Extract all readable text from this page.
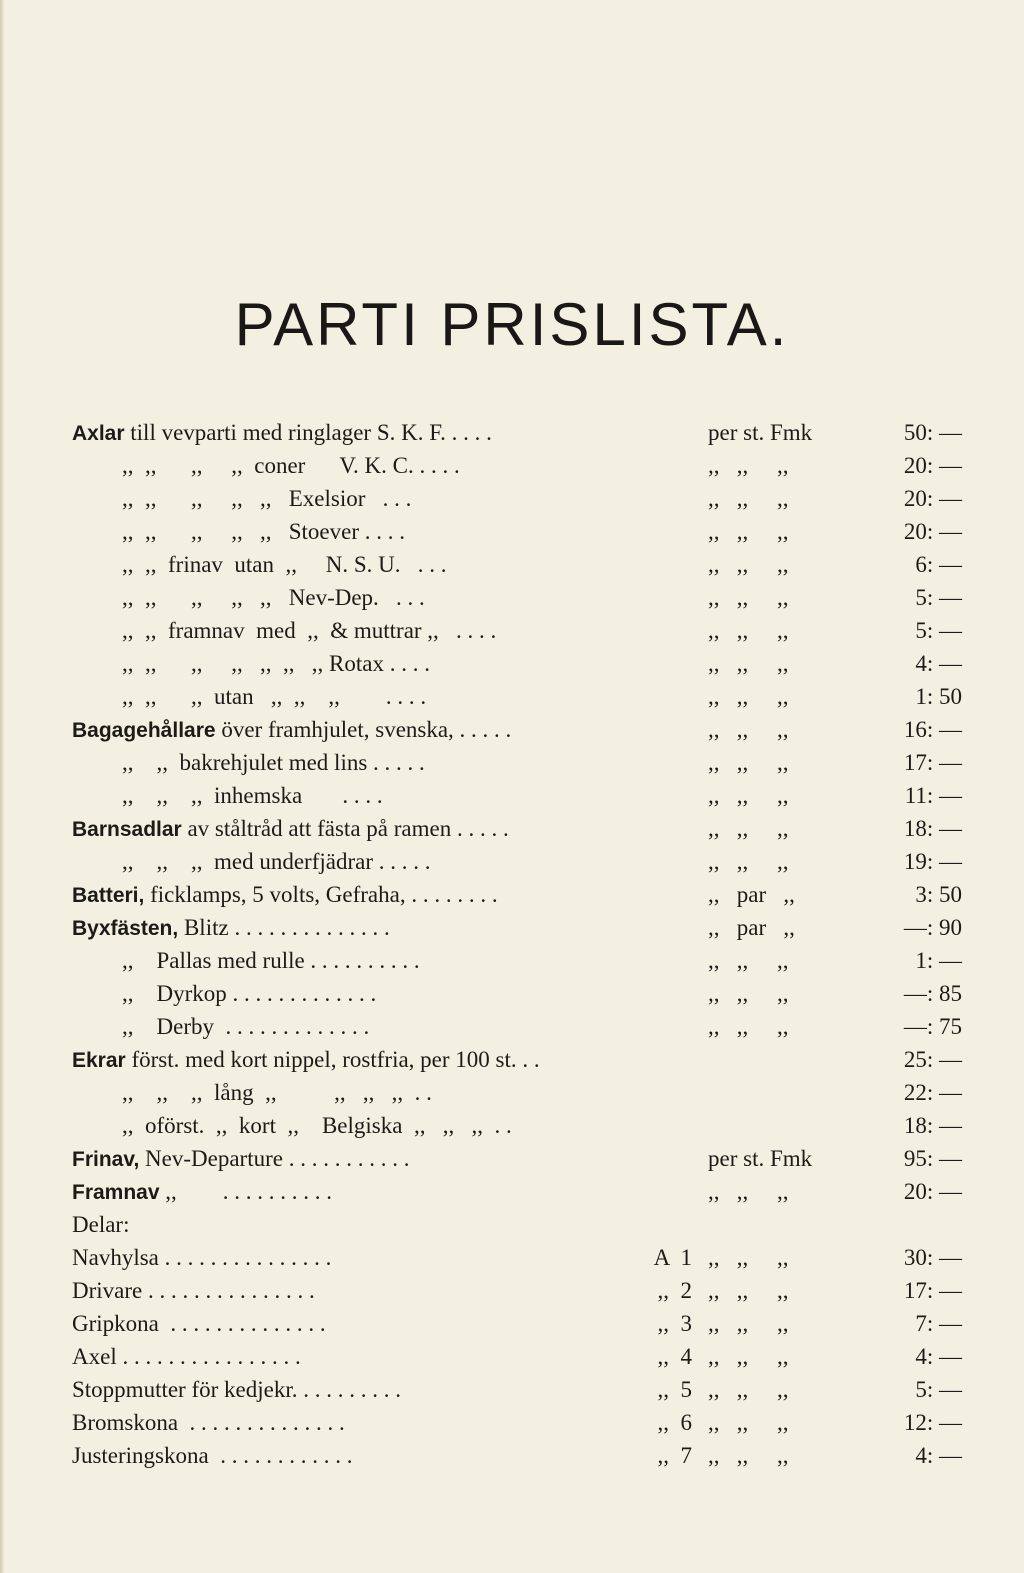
PARTI PRISLISTA.
Axlar till vevparti med ringlager S. K. F. . . . .	per st. Fmk	50: —
,,  ,,      ,,     ,,  coner      V. K. C. . . . .	,,   ,,     ,,	20: —
,,  ,,      ,,     ,,   ,,   Exelsior   . . .	,,   ,,     ,,	20: —
,,  ,,      ,,     ,,   ,,   Stoever . . . .	,,   ,,     ,,	20: —
,,  ,,  frinav  utan  ,,     N. S. U.   . . .	,,   ,,     ,,	6: —
,,  ,,      ,,     ,,   ,,   Nev-Dep.   . . .	,,   ,,     ,,	5: —
,,  ,,  framnav  med  ,,  & muttrar ,,   . . . .	,,   ,,     ,,	5: —
,,  ,,      ,,     ,,   ,,  ,,   ,, Rotax . . . .	,,   ,,     ,,	4: —
,,  ,,      ,,  utan   ,,  ,,    ,,        . . . .	,,   ,,     ,,	1: 50
Bagagehållare över framhjulet, svenska, . . . . .	,,   ,,     ,,	16: —
,,    ,,  bakrehjulet med lins . . . . .	,,   ,,     ,,	17: —
,,    ,,    ,,  inhemska       . . . .	,,   ,,     ,,	11: —
Barnsadlar av ståltråd att fästa på ramen . . . . .	,,   ,,     ,,	18: —
,,    ,,    ,,  med underfjädrar . . . . .	,,   ,,     ,,	19: —
Batteri, ficklamps, 5 volts, Gefraha, . . . . . . . .	,,   par   ,,	3: 50
Byxfästen, Blitz . . . . . . . . . . . . . .	,,   par   ,,	—: 90
,,    Pallas med rulle . . . . . . . . . .	,,   ,,     ,,	1: —
,,    Dyrkop . . . . . . . . . . . . .	,,   ,,     ,,	—: 85
,,    Derby  . . . . . . . . . . . . .	,,   ,,     ,,	—: 75
Ekrar först. med kort nippel, rostfria, per 100 st. . .	25: —
,,    ,,    ,,  lång  ,,          ,,   ,,   ,,  . .	22: —
,,  oförst.  ,,  kort  ,,    Belgiska  ,,   ,,   ,,  . .	18: —
Frinav, Nev-Departure . . . . . . . . . . .	per st. Fmk	95: —
Framnav ,,        . . . . . . . . . .	,,   ,,     ,,	20: —
Delar:
Navhylsa . . . . . . . . . . . . . . .	A  1 ,,   ,,     ,,	30: —
Drivare . . . . . . . . . . . . . . .	,,  2 ,,   ,,     ,,	17: —
Gripkona  . . . . . . . . . . . . . .	,,  3 ,,   ,,     ,,	7: —
Axel . . . . . . . . . . . . . . . .	,,  4 ,,   ,,     ,,	4: —
Stoppmutter för kedjekr. . . . . . . . . .	,,  5 ,,   ,,     ,,	5: —
Bromskona  . . . . . . . . . . . . . .	,,  6 ,,   ,,     ,,	12: —
Justeringskona  . . . . . . . . . . . .	,,  7 ,,   ,,     ,,	4: —
